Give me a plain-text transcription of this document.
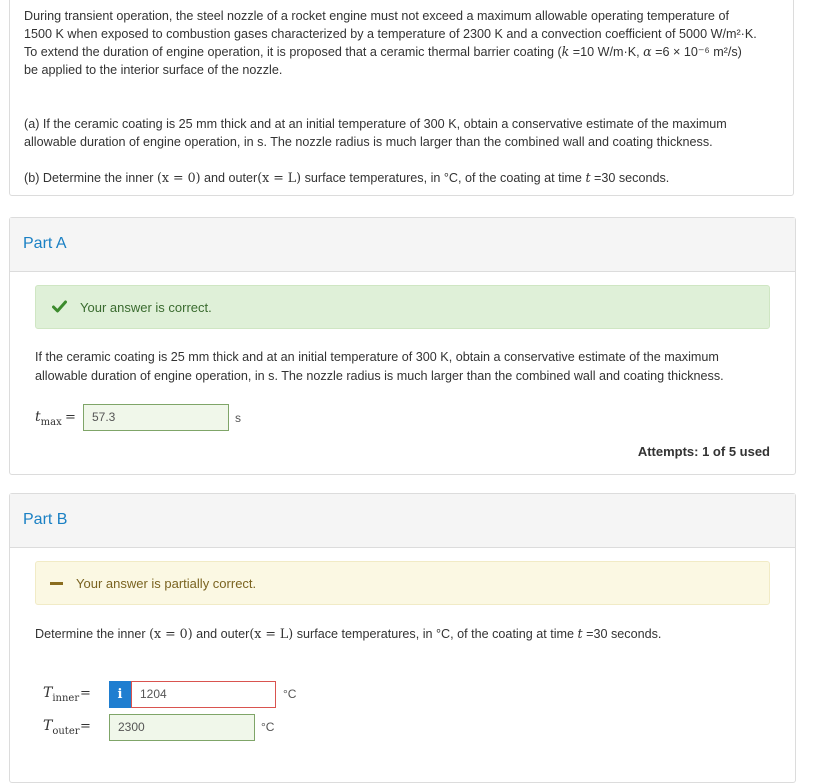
During transient operation, the steel nozzle of a rocket engine must not exceed a maximum allowable operating temperature of
1500 K when exposed to combustion gases characterized by a temperature of 2300 K and a convection coefficient of 5000 W/m²·K.
To extend the duration of engine operation, it is proposed that a ceramic thermal barrier coating (k =10 W/m·K, α =6 × 10⁻⁶ m²/s)
be applied to the interior surface of the nozzle.
(a) If the ceramic coating is 25 mm thick and at an initial temperature of 300 K, obtain a conservative estimate of the maximum
allowable duration of engine operation, in s. The nozzle radius is much larger than the combined wall and coating thickness.
(b) Determine the inner (x = 0) and outer(x = L) surface temperatures, in °C, of the coating at time t =30 seconds.
Part A
Your answer is correct.
If the ceramic coating is 25 mm thick and at an initial temperature of 300 K, obtain a conservative estimate of the maximum
allowable duration of engine operation, in s. The nozzle radius is much larger than the combined wall and coating thickness.
$t_{max}$ =	57.3	s
Attempts: 1 of 5 used
Part B
Your answer is partially correct.
Determine the inner (x = 0) and outer(x = L) surface temperatures, in °C, of the coating at time t =30 seconds.
$T_{inner}$ =	i	1204	°C
$T_{outer}$ =	2300	°C
